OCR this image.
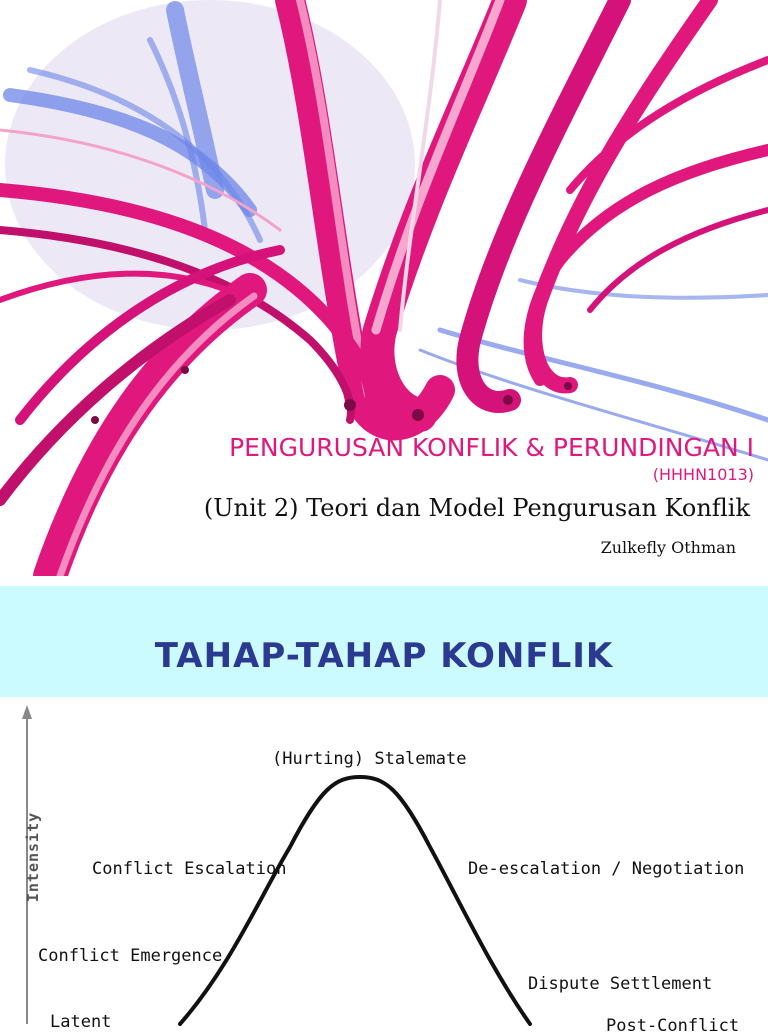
PENGURUSAN KONFLIK & PERUNDINGAN I
(HHHN1013)
(Unit 2) Teori dan Model Pengurusan Konflik
Zulkefly Othman
TAHAP-TAHAP KONFLIK
Intensity
(Hurting) Stalemate
Conflict Escalation	De-escalation / Negotiation
Conflict Emergence
Dispute Settlement
Latent	Post-Conflict
